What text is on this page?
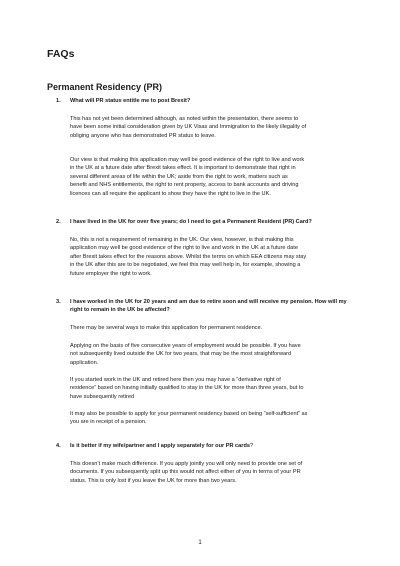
FAQs
Permanent Residency (PR)
1. What will PR status entitle me to post Brexit?
This has not yet been determined although, as noted within the presentation, there seems to
have been some initial consideration given by UK Visas and Immigration to the likely illegality of
obliging anyone who has demonstrated PR status to leave.
Our view is that making this application may well be good evidence of the right to live and work
in the UK at a future date after Brexit takes effect. It is important to demonstrate that right in
several different areas of life within the UK; aside from the right to work, matters such as
benefit and NHS entitlements, the right to rent property, access to bank accounts and driving
licences can all require the applicant to show they have the right to live in the UK.
2. I have lived in the UK for over five years; do I need to get a Permanent Resident (PR) Card?
No, this is not a requirement of remaining in the UK. Our view, however, is that making this
application may well be good evidence of the right to live and work in the UK at a future date
after Brexit takes effect for the reasons above. Whilst the terms on which EEA citizens may stay
in the UK after this are to be negotiated, we feel this may well help in, for example, showing a
future employer the right to work.
3.	I have worked in the UK for 20 years and am due to retire soon and will receive my pension. How will my right to remain in the UK be affected?
There may be several ways to make this application for permanent residence.
Applying on the basis of five consecutive years of employment would be possible. If you have
not subsequently lived outside the UK for two years, that may be the most straightforward
application.
If you started work in the UK and retired here then you may have a “derivative right of
residence” based on having initially qualified to stay in the UK for more than three years, but to
have subsequently retired
It may also be possible to apply for your permanent residency based on being “self-sufficient” as
you are in receipt of a pension.
4. Is it better if my wife/partner and I apply separately for our PR cards?
This doesn’t make much difference. If you apply jointly you will only need to provide one set of
documents. If you subsequently split up this would not affect either of you in terms of your PR
status. This is only lost if you leave the UK for more than two years.
1
